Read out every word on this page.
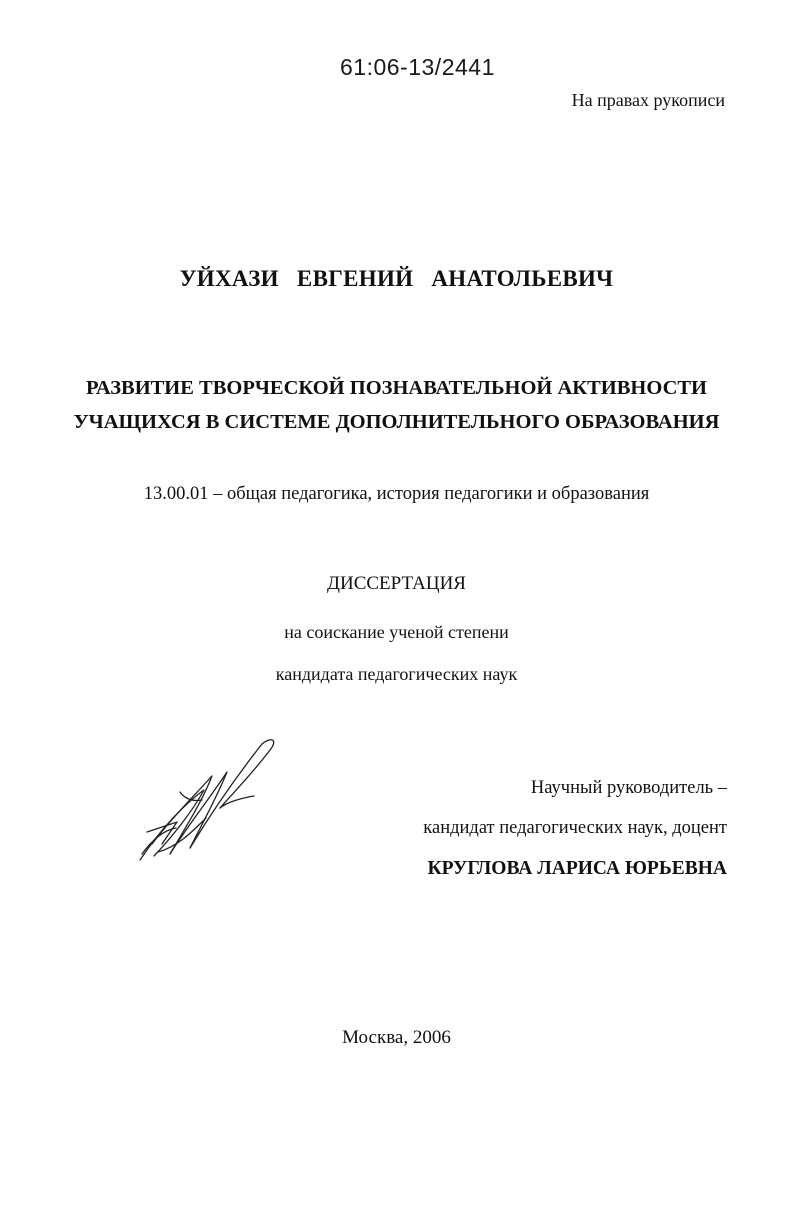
61:06-13/2441
На правах рукописи
УЙХАЗИ ЕВГЕНИЙ АНАТОЛЬЕВИЧ
РАЗВИТИЕ ТВОРЧЕСКОЙ ПОЗНАВАТЕЛЬНОЙ АКТИВНОСТИ
УЧАЩИХСЯ В СИСТЕМЕ ДОПОЛНИТЕЛЬНОГО ОБРАЗОВАНИЯ
13.00.01 – общая педагогика, история педагогики и образования
ДИССЕРТАЦИЯ
на соискание ученой степени
кандидата педагогических наук
Научный руководитель –
кандидат педагогических наук, доцент
КРУГЛОВА ЛАРИСА ЮРЬЕВНА
Москва, 2006
